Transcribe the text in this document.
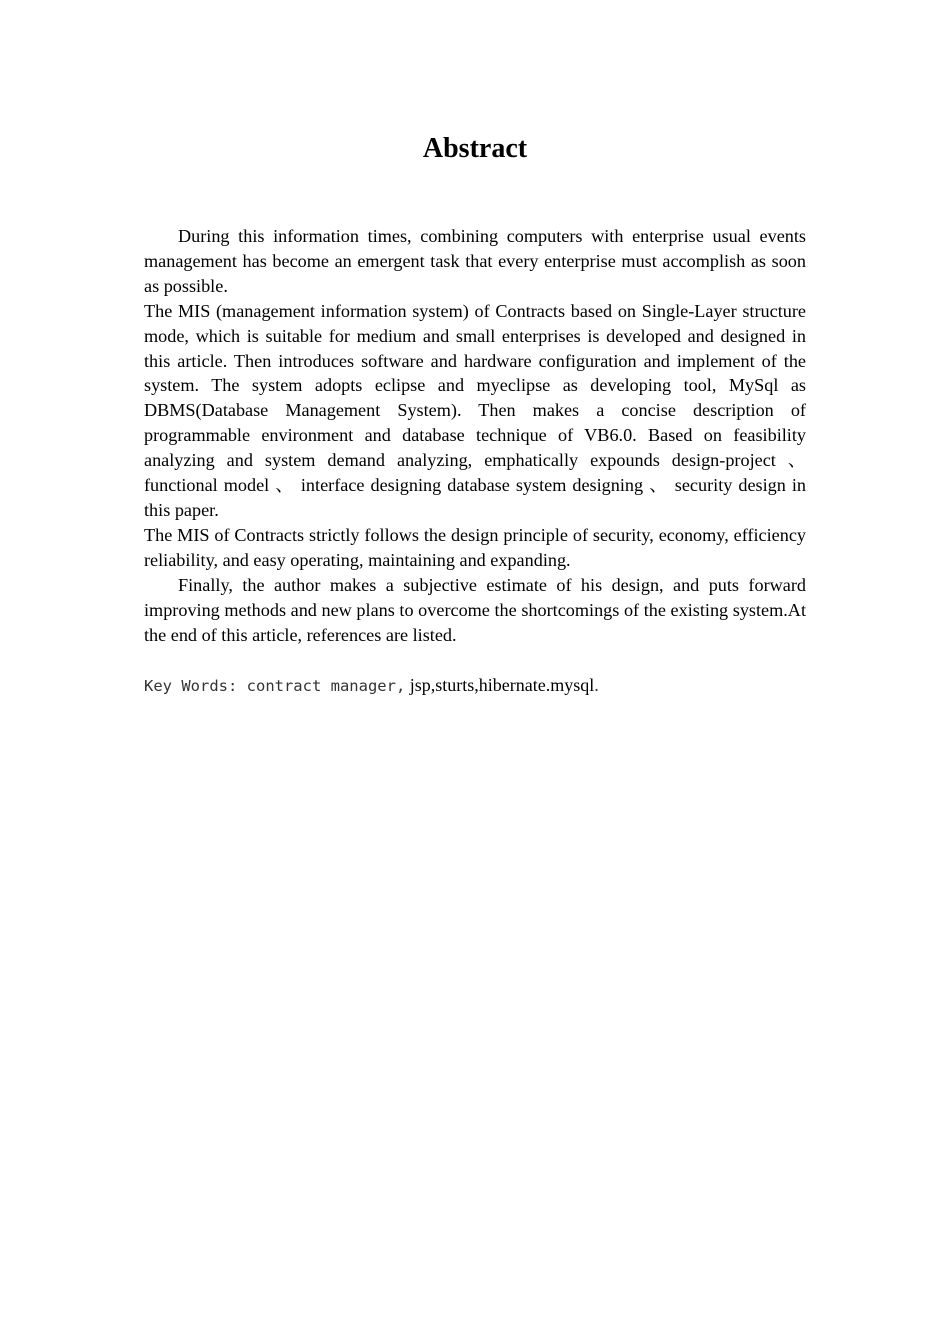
Abstract

During this information times, combining computers with enterprise usual events management has become an emergent task that every enterprise must accomplish as soon as possible.

The MIS (management information system) of Contracts based on Single-Layer structure mode, which is suitable for medium and small enterprises is developed and designed in this article. Then introduces software and hardware configuration and implement of the system. The system adopts eclipse and myeclipse as developing tool, MySql as DBMS(Database Management System). Then makes a concise description of programmable environment and database technique of VB6.0. Based on feasibility analyzing and system demand analyzing, emphatically expounds design-project 、 functional model 、 interface designing database system designing 、 security design in this paper.

The MIS of Contracts strictly follows the design principle of security, economy, efficiency reliability, and easy operating, maintaining and expanding.

Finally, the author makes a subjective estimate of his design, and puts forward improving methods and new plans to overcome the shortcomings of the existing system.At the end of this article, references are listed.

Key Words: contract manager, jsp,sturts,hibernate.mysql.
